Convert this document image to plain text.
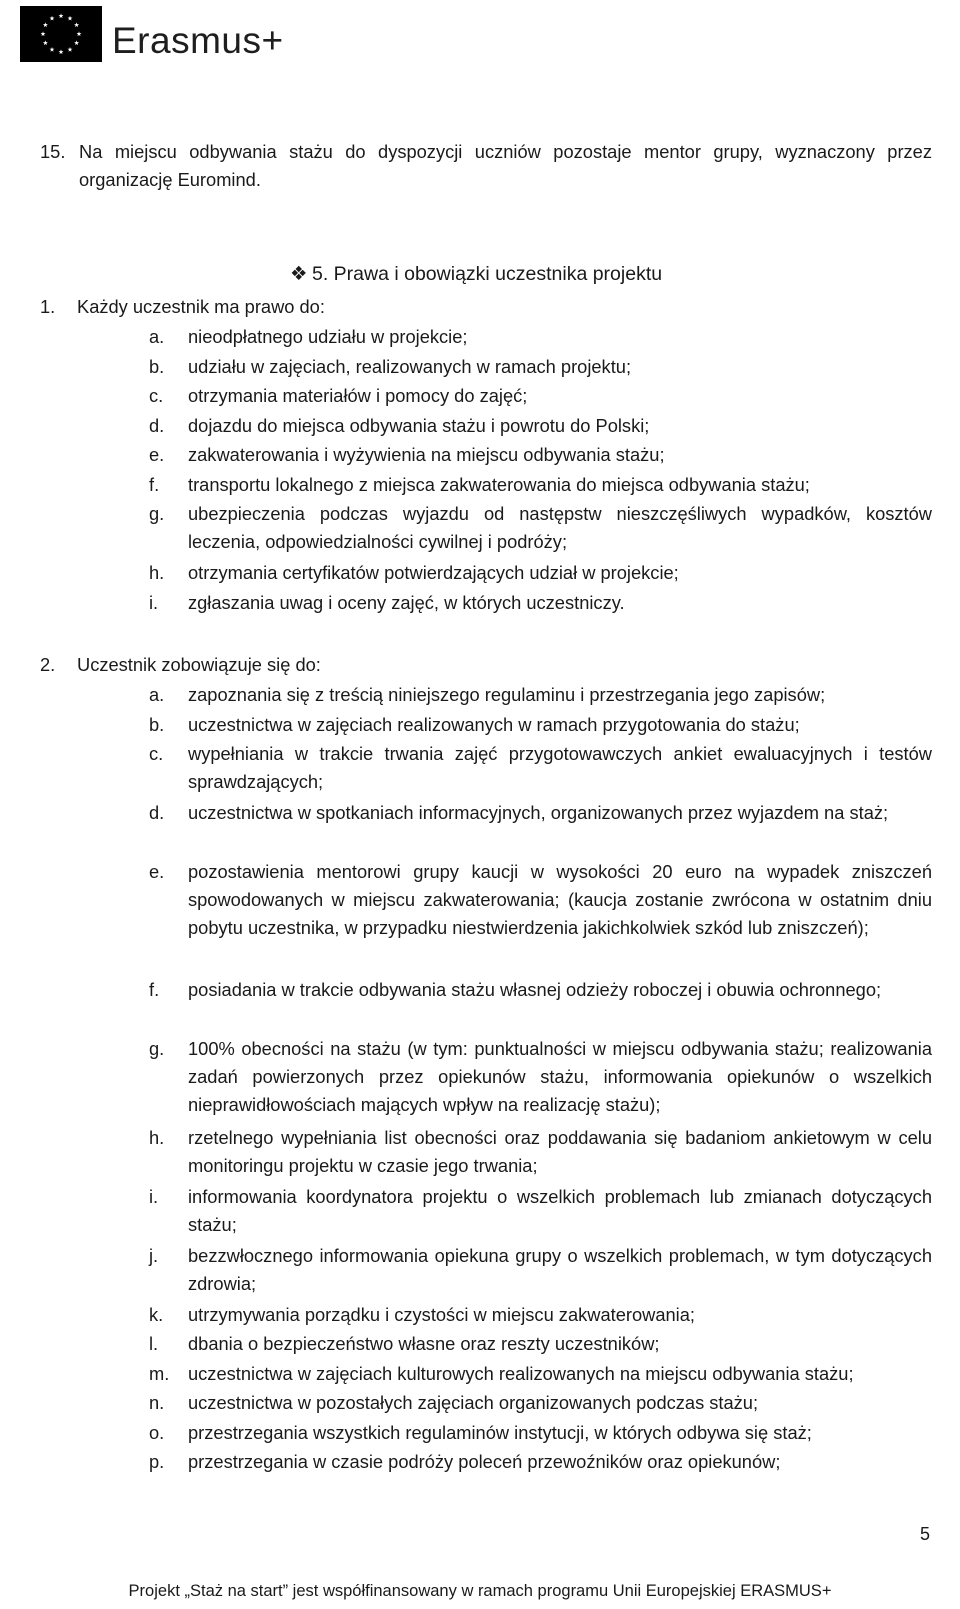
Erasmus+
15. Na miejscu odbywania stażu do dyspozycji uczniów pozostaje mentor grupy, wyznaczony przez organizację Euromind.
❖ 5. Prawa i obowiązki uczestnika projektu
1. Każdy uczestnik ma prawo do:
a. nieodpłatnego udziału w projekcie;
b. udziału w zajęciach, realizowanych w ramach projektu;
c. otrzymania materiałów i pomocy do zajęć;
d. dojazdu do miejsca odbywania stażu i powrotu do Polski;
e. zakwaterowania i wyżywienia na miejscu odbywania stażu;
f. transportu lokalnego z miejsca zakwaterowania do miejsca odbywania stażu;
g. ubezpieczenia podczas wyjazdu od następstw nieszczęśliwych wypadków, kosztów leczenia, odpowiedzialności cywilnej i podróży;
h. otrzymania certyfikatów potwierdzających udział w projekcie;
i. zgłaszania uwag i oceny zajęć, w których uczestniczy.
2. Uczestnik zobowiązuje się do:
a. zapoznania się z treścią niniejszego regulaminu i przestrzegania jego zapisów;
b. uczestnictwa w zajęciach realizowanych w ramach przygotowania do stażu;
c. wypełniania w trakcie trwania zajęć przygotowawczych ankiet ewaluacyjnych i testów sprawdzających;
d. uczestnictwa w spotkaniach informacyjnych, organizowanych przez wyjazdem na staż;
e. pozostawienia mentorowi grupy kaucji w wysokości 20 euro na wypadek zniszczeń spowodowanych w miejscu zakwaterowania; (kaucja zostanie zwrócona w ostatnim dniu pobytu uczestnika, w przypadku niestwierdzenia jakichkolwiek szkód lub zniszczeń);
f. posiadania w trakcie odbywania stażu własnej odzieży roboczej i obuwia ochronnego;
g. 100% obecności na stażu (w tym: punktualności w miejscu odbywania stażu; realizowania zadań powierzonych przez opiekunów stażu, informowania opiekunów o wszelkich nieprawidłowościach mających wpływ na realizację stażu);
h. rzetelnego wypełniania list obecności oraz poddawania się badaniom ankietowym w celu monitoringu projektu w czasie jego trwania;
i. informowania koordynatora projektu o wszelkich problemach lub zmianach dotyczących stażu;
j. bezzwłocznego informowania opiekuna grupy o wszelkich problemach, w tym dotyczących zdrowia;
k. utrzymywania porządku i czystości w miejscu zakwaterowania;
l. dbania o bezpieczeństwo własne oraz reszty uczestników;
m. uczestnictwa w zajęciach kulturowych realizowanych na miejscu odbywania stażu;
n. uczestnictwa w pozostałych zajęciach organizowanych podczas stażu;
o. przestrzegania wszystkich regulaminów instytucji, w których odbywa się staż;
p. przestrzegania w czasie podróży poleceń przewoźników oraz opiekunów;
5
Projekt „Staż na start” jest współfinansowany w ramach programu Unii Europejskiej ERASMUS+
